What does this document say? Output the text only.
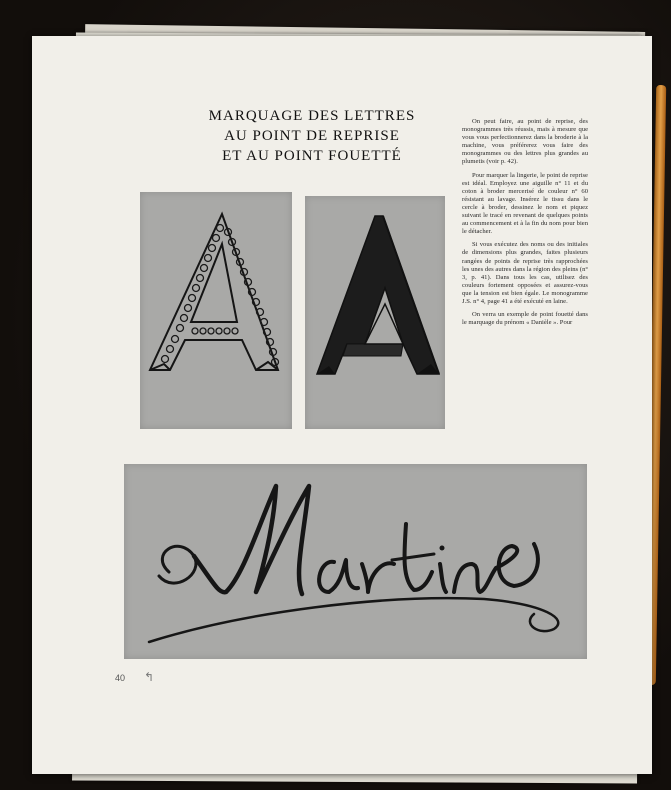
MARQUAGE DES LETTRES
AU POINT DE REPRISE
ET AU POINT FOUETTÉ

On peut faire, au point de reprise, des monogrammes très réussis, mais à mesure que vous vous perfectionnerez dans la broderie à la machine, vous préférerez vous faire des monogrammes ou des lettres plus grandes au plumetis (voir p. 42).

Pour marquer la lingerie, le point de reprise est idéal. Employez une aiguille n° 11 et du coton à broder mercerisé de couleur n° 60 résistant au lavage. Insérez le tissu dans le cercle à broder, dessinez le nom et piquez suivant le tracé en revenant de quelques points au commencement et à la fin du nom pour bien le détacher.

Si vous exécutez des noms ou des initiales de dimensions plus grandes, faites plusieurs rangées de points de reprise très rapprochées les unes des autres dans la région des pleins (n° 3, p. 41). Dans tous les cas, utilisez des couleurs fortement opposées et assurez-vous que la tension est bien égale. Le monogramme J.S. n° 4, page 41 a été exécuté en laine.

On verra un exemple de point fouetté dans le marquage du prénom « Danièle ». Pour

40 ↰
